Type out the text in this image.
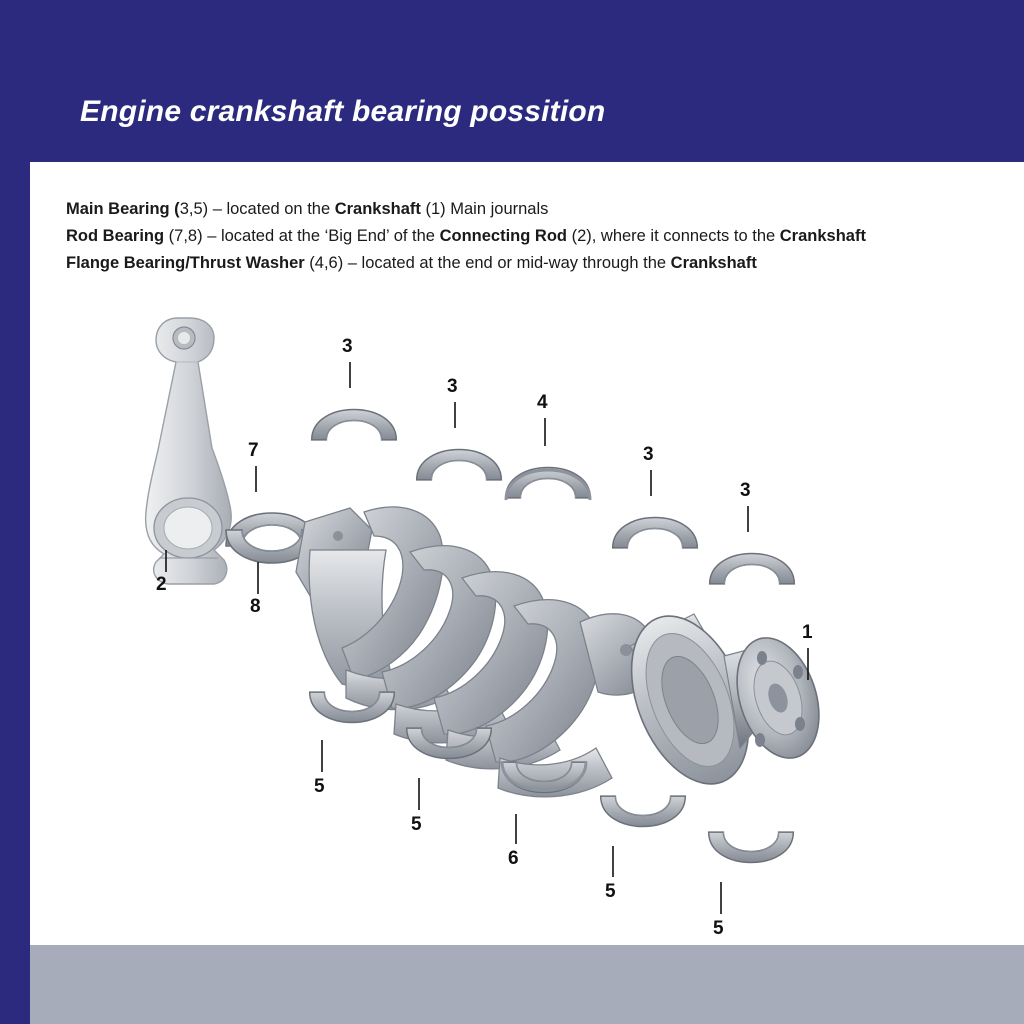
Engine crankshaft bearing possition
Main Bearing (3,5) – located on the Crankshaft (1) Main journals
Rod Bearing (7,8) – located at the ‘Big End’ of the Connecting Rod (2), where it connects to the Crankshaft
Flange Bearing/Thrust Washer (4,6) – located at the end or mid-way through the Crankshaft
2
3
3
4
3
3
7
8
1
5
5
6
5
5
